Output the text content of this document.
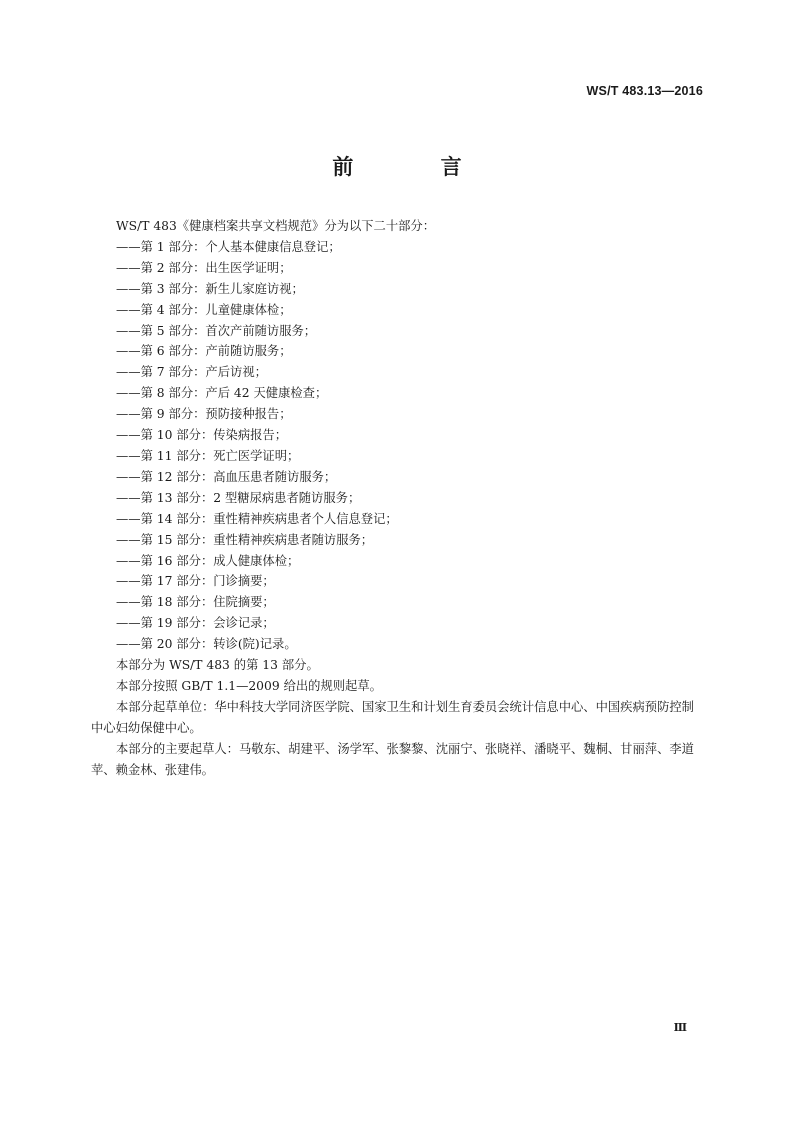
WS/T 483.13—2016
前 言

WS/T 483《健康档案共享文档规范》分为以下二十部分：

——第 1 部分：个人基本健康信息登记；

——第 2 部分：出生医学证明；

——第 3 部分：新生儿家庭访视；

——第 4 部分：儿童健康体检；

——第 5 部分：首次产前随访服务；

——第 6 部分：产前随访服务；

——第 7 部分：产后访视；

——第 8 部分：产后 42 天健康检查；

——第 9 部分：预防接种报告；

——第 10 部分：传染病报告；

——第 11 部分：死亡医学证明；

——第 12 部分：高血压患者随访服务；

——第 13 部分：2 型糖尿病患者随访服务；

——第 14 部分：重性精神疾病患者个人信息登记；

——第 15 部分：重性精神疾病患者随访服务；

——第 16 部分：成人健康体检；

——第 17 部分：门诊摘要；

——第 18 部分：住院摘要；

——第 19 部分：会诊记录；

——第 20 部分：转诊(院)记录。

本部分为 WS/T 483 的第 13 部分。

本部分按照 GB/T 1.1—2009 给出的规则起草。

本部分起草单位：华中科技大学同济医学院、国家卫生和计划生育委员会统计信息中心、中国疾病预防控制中心妇幼保健中心。

本部分的主要起草人：马敬东、胡建平、汤学军、张黎黎、沈丽宁、张晓祥、潘晓平、魏桐、甘丽萍、李道苹、赖金林、张建伟。

Ⅲ
